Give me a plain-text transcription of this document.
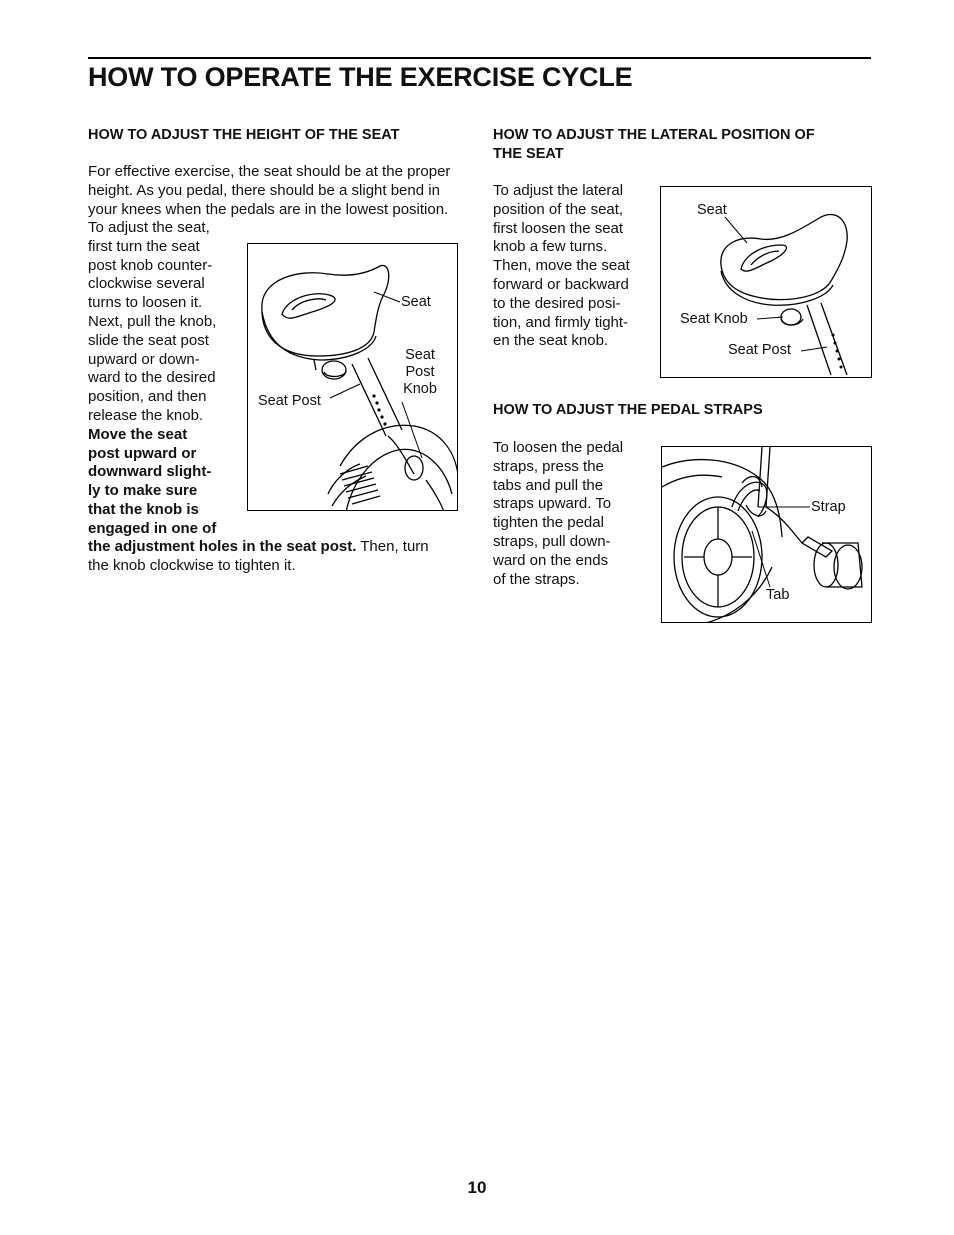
HOW TO OPERATE THE EXERCISE CYCLE
HOW TO ADJUST THE HEIGHT OF THE SEAT

For effective exercise, the seat should be at the proper
height. As you pedal, there should be a slight bend in
your knees when the pedals are in the lowest position.

To adjust the seat,
first turn the seat
post knob counter-
clockwise several
turns to loosen it.
Next, pull the knob,
slide the seat post
upward or down-
ward to the desired
position, and then
release the knob.
Move the seat
post upward or
downward slight-
ly to make sure
that the knob is
engaged in one of

the adjustment holes in the seat post. Then, turn
the knob clockwise to tighten it.

Seat
Seat
Post
Knob
Seat Post
HOW TO ADJUST THE LATERAL POSITION OF
THE SEAT

To adjust the lateral
position of the seat,
first loosen the seat
knob a few turns.
Then, move the seat
forward or backward
to the desired posi-
tion, and firmly tight-
en the seat knob.

Seat
Seat Knob
Seat Post
HOW TO ADJUST THE PEDAL STRAPS

To loosen the pedal
straps, press the
tabs and pull the
straps upward. To
tighten the pedal
straps, pull down-
ward on the ends
of the straps.

Strap
Tab
10
